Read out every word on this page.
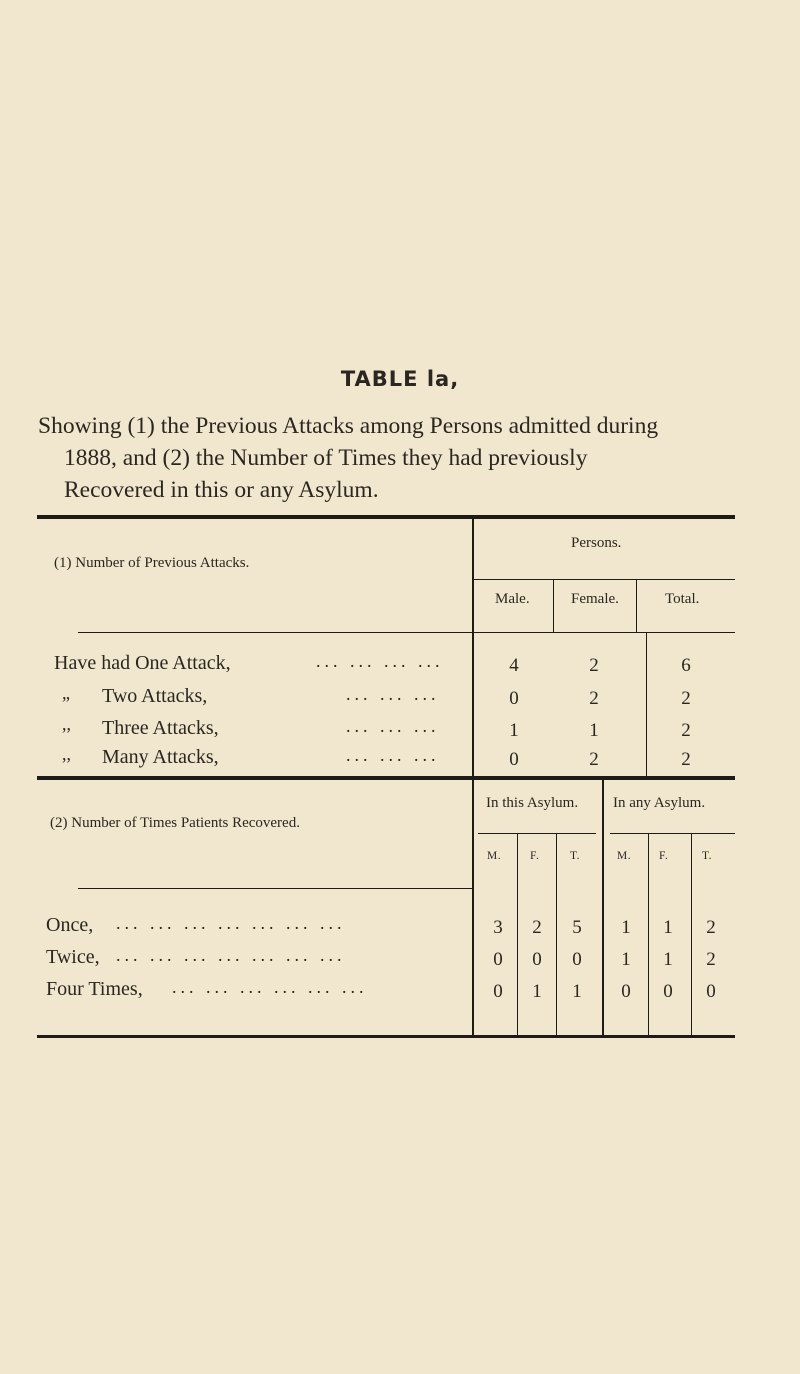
TABLE la,
Showing (1) the Previous Attacks among Persons admitted during
1888, and (2) the Number of Times they had previously
Recovered in this or any Asylum.
(1) Number of Previous Attacks.
Persons.
Male.	Female.	Total.
Have had One Attack,	... ... ... ...	4	2	6
„ Two Attacks,	... ... ...	0	2	2
,, Three Attacks,	... ... ...	1	1	2
,, Many Attacks,	... ... ...	0	2	2
(2) Number of Times Patients Recovered.
In this Asylum. In any Asylum.
M.	F.	T.	M. F.	T.
Once, ... ... ... ... ... ... ...	3	2	5	1	1	2
Twice, ... ... ... ... ... ... ...	0	0	0	1	1	2
Four Times, ... ... ... ... ... ...	0	1	1	0	0	0
